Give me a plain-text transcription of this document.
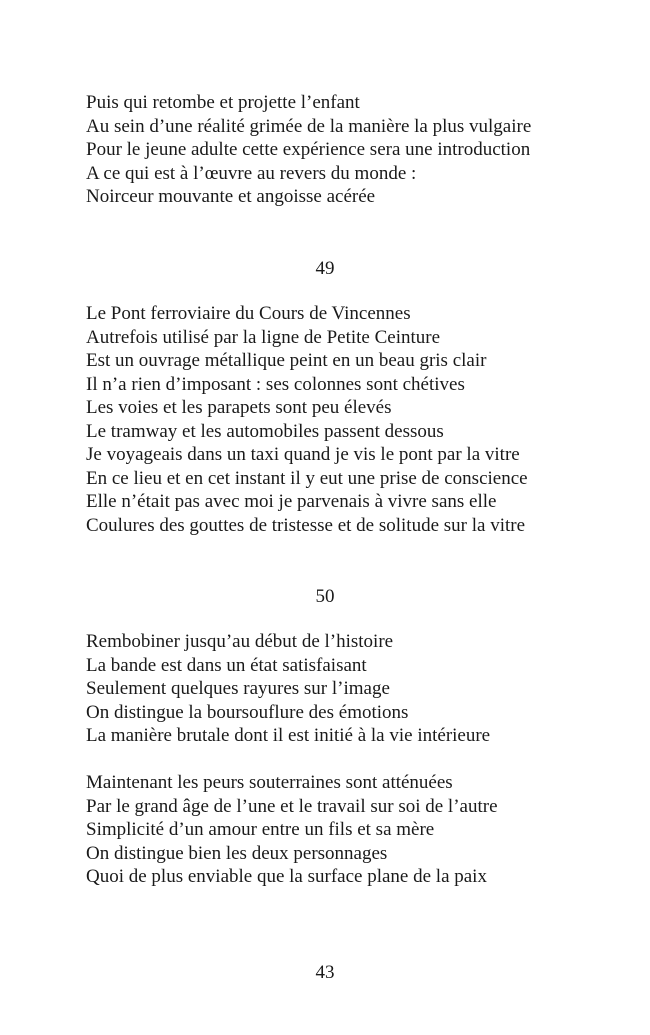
Puis qui retombe et projette l’enfant
Au sein d’une réalité grimée de la manière la plus vulgaire
Pour le jeune adulte cette expérience sera une introduction
A ce qui est à l’œuvre au revers du monde :
Noirceur mouvante et angoisse acérée
49
Le Pont ferroviaire du Cours de Vincennes
Autrefois utilisé par la ligne de Petite Ceinture
Est un ouvrage métallique peint en un beau gris clair
Il n’a rien d’imposant : ses colonnes sont chétives
Les voies et les parapets sont peu élevés
Le tramway et les automobiles passent dessous
Je voyageais dans un taxi quand je vis le pont par la vitre
En ce lieu et en cet instant il y eut une prise de conscience
Elle n’était pas avec moi je parvenais à vivre sans elle
Coulures des gouttes de tristesse et de solitude sur la vitre
50
Rembobiner jusqu’au début de l’histoire
La bande est dans un état satisfaisant
Seulement quelques rayures sur l’image
On distingue la boursouflure des émotions
La manière brutale dont il est initié à la vie intérieure
Maintenant les peurs souterraines sont atténuées
Par le grand âge de l’une et le travail sur soi de l’autre
Simplicité d’un amour entre un fils et sa mère
On distingue bien les deux personnages
Quoi de plus enviable que la surface plane de la paix
43
